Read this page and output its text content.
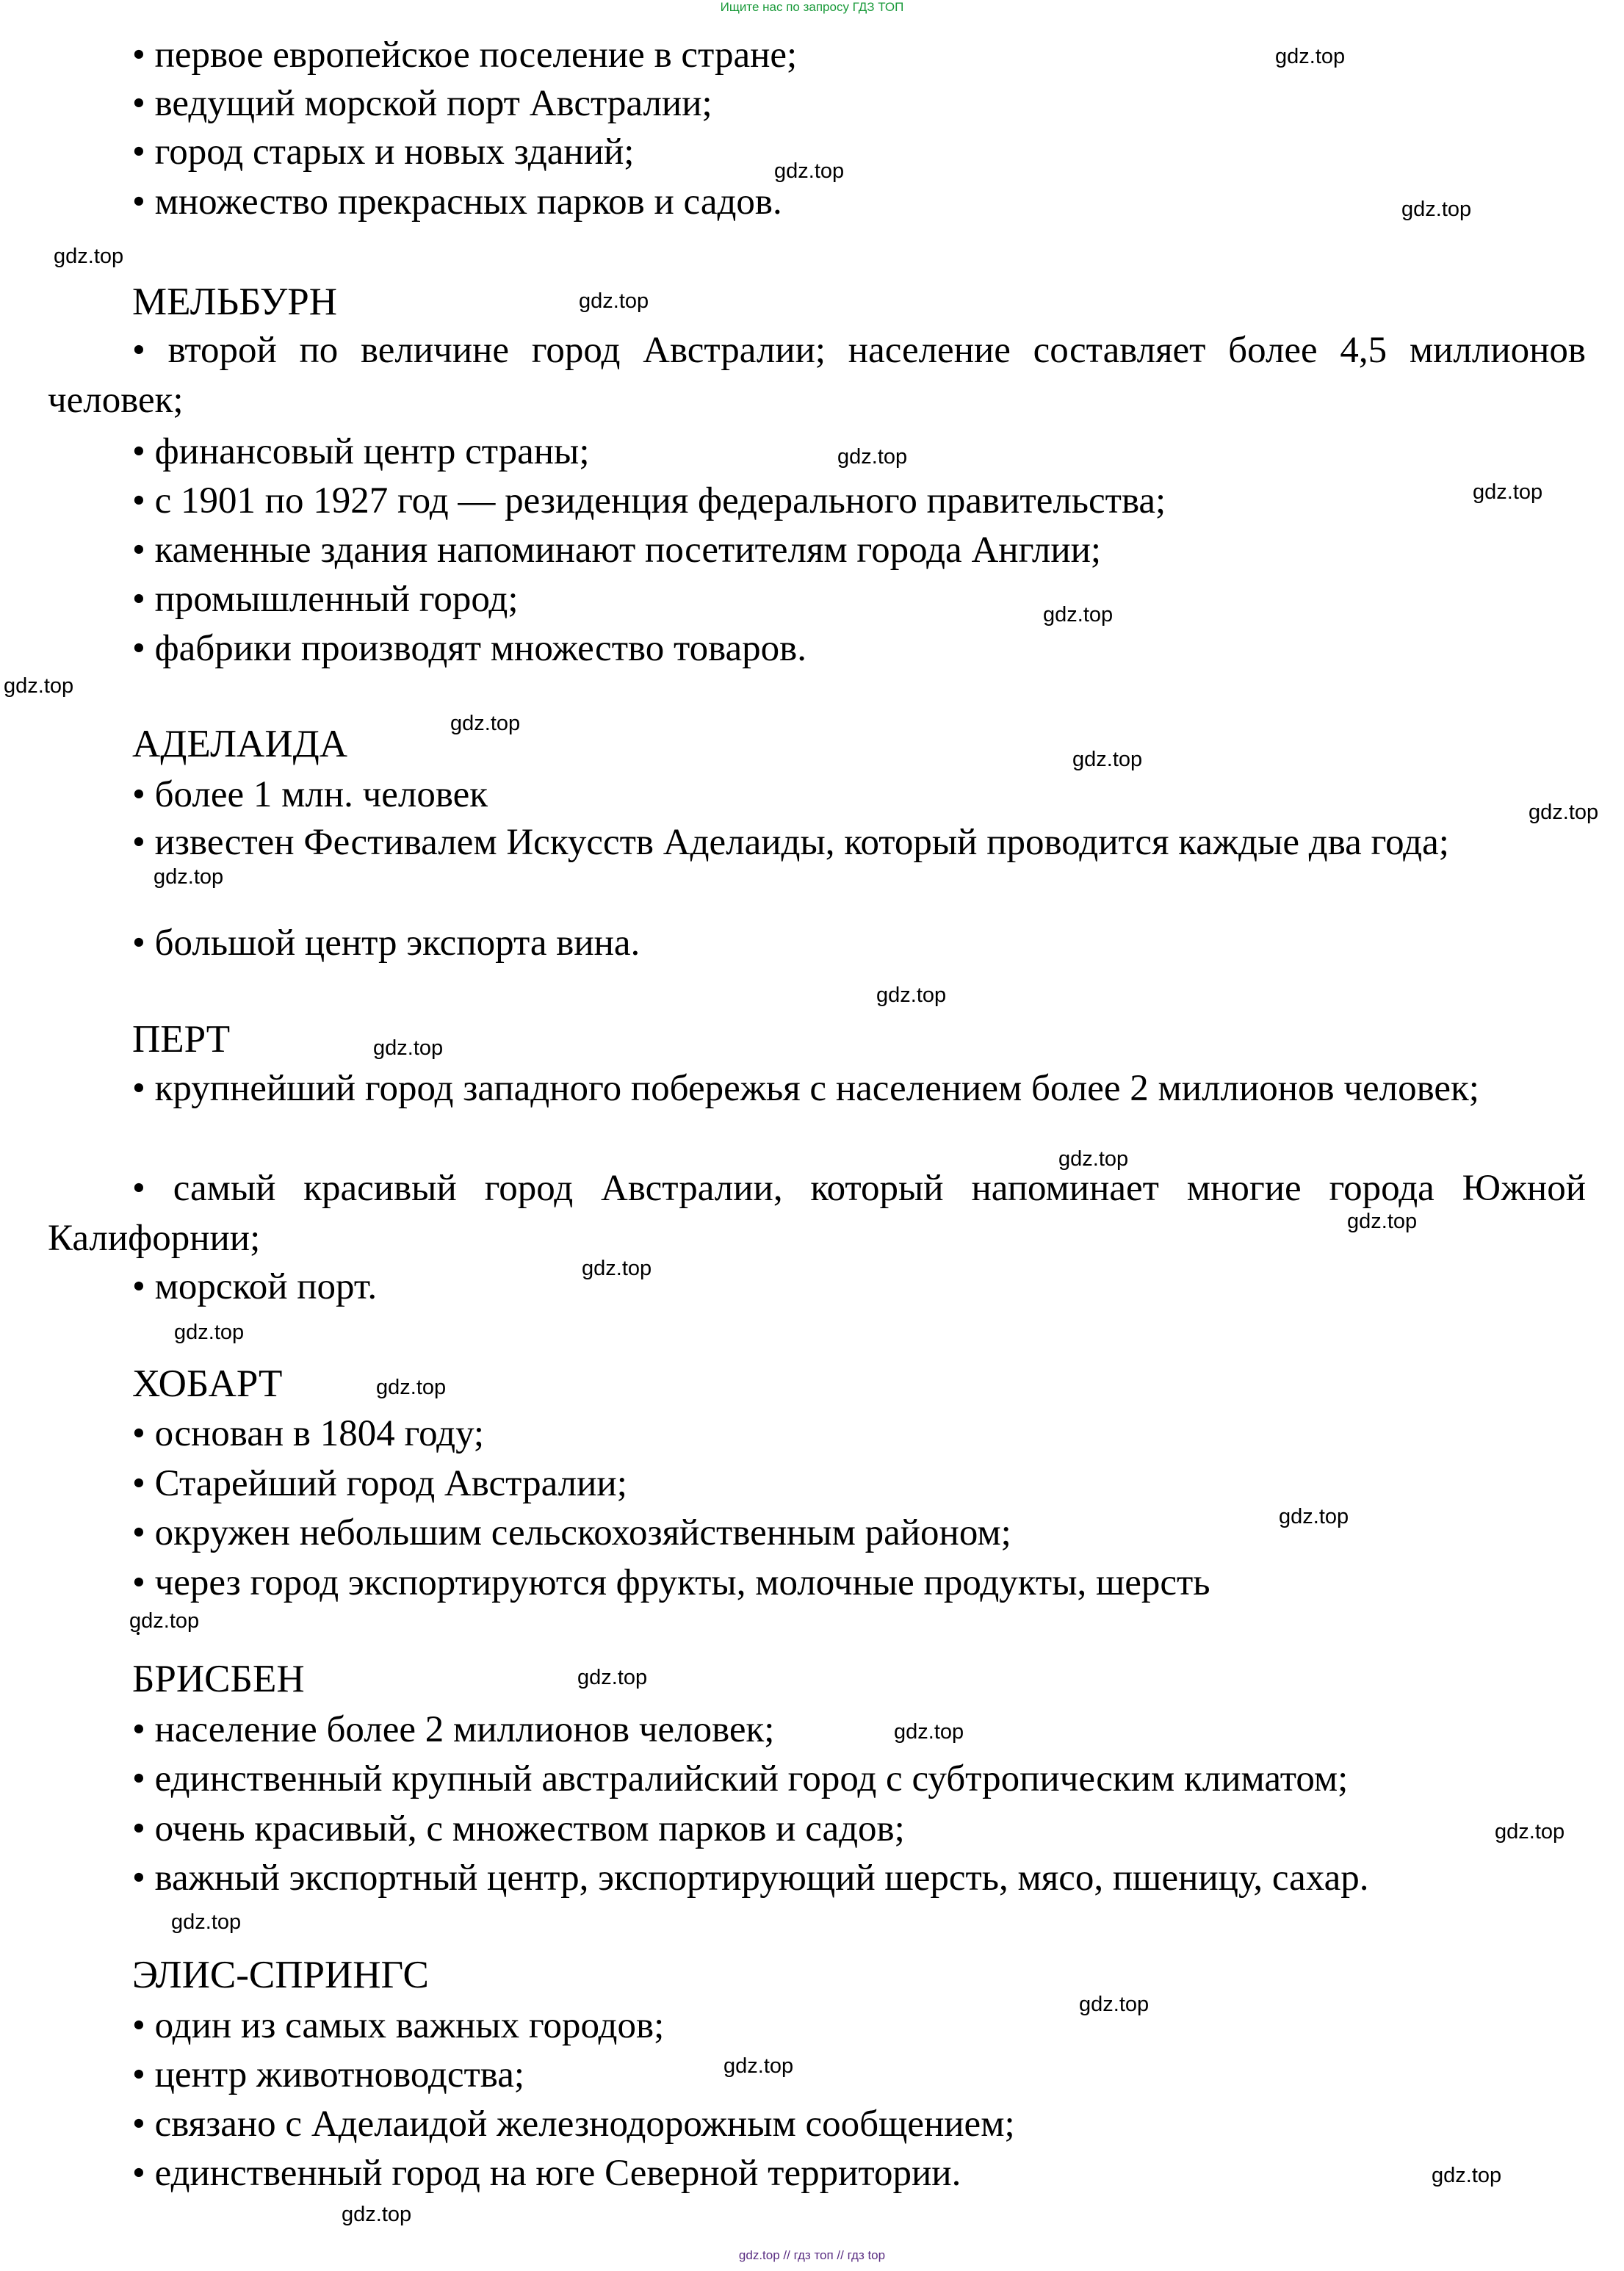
Ищите нас по запросу ГДЗ ТОП
• первое европейское поселение в стране;
• ведущий морской порт Австралии;
• город старых и новых зданий;
• множество прекрасных парков и садов.
МЕЛЬБУРН
• второй по величине город Австралии; население составляет более 4,5 миллионов человек;
• финансовый центр страны;
• с 1901 по 1927 год — резиденция федерального правительства;
• каменные здания напоминают посетителям города Англии;
• промышленный город;
• фабрики производят множество товаров.
АДЕЛАИДА
• более 1 млн. человек
• известен Фестивалем Искусств Аделаиды, который проводится каждые два года;
• большой центр экспорта вина.
ПЕРТ
• крупнейший город западного побережья с населением более 2 миллионов человек;
• самый красивый город Австралии, который напоминает многие города Южной Калифорнии;
• морской порт.
ХОБАРТ
• основан в 1804 году;
• Старейший город Австралии;
• окружен небольшим сельскохозяйственным районом;
• через город экспортируются фрукты, молочные продукты, шерсть
БРИСБЕН
• население более 2 миллионов человек;
• единственный крупный австралийский город с субтропическим климатом;
• очень красивый, с множеством парков и садов;
• важный экспортный центр, экспортирующий шерсть, мясо, пшеницу, сахар.
ЭЛИС-СПРИНГС
• один из самых важных городов;
• центр животноводства;
• связано с Аделаидой железнодорожным сообщением;
• единственный город на юге Северной территории.
gdz.top
gdz.top
gdz.top
gdz.top
gdz.top
gdz.top
gdz.top
gdz.top
gdz.top
gdz.top
gdz.top
gdz.top
gdz.top
gdz.top
gdz.top
gdz.top
gdz.top
gdz.top
gdz.top
gdz.top
gdz.top
gdz.top
gdz.top
gdz.top
gdz.top
gdz.top
gdz.top
gdz.top
gdz.top
gdz.top
gdz.top // гдз топ // гдз top
